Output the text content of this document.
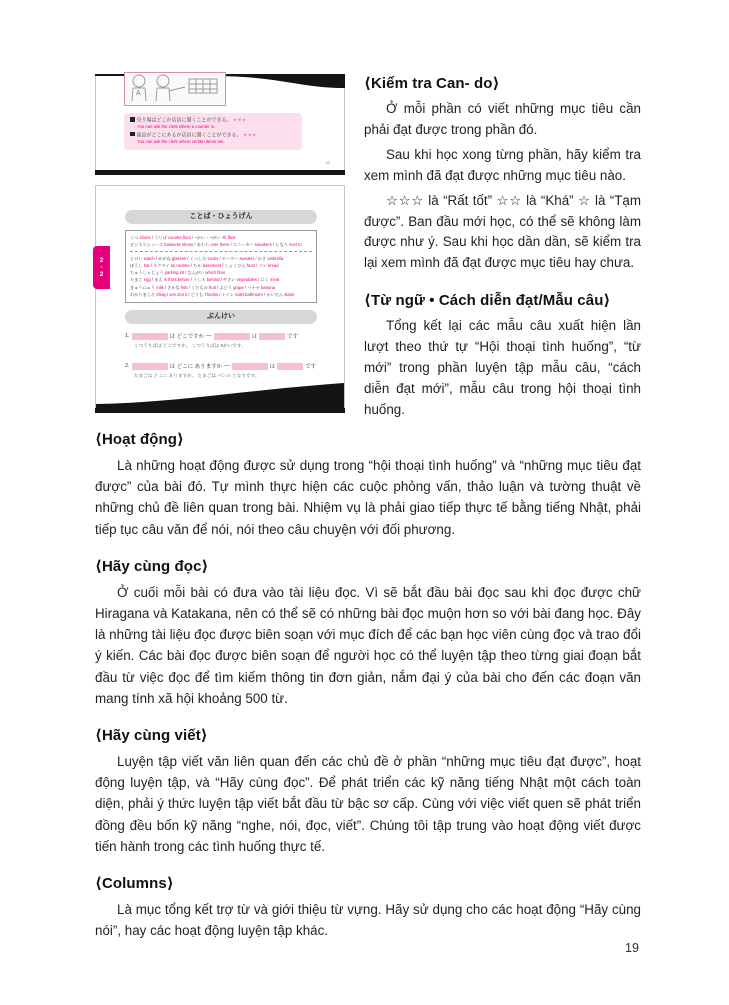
A
売り場はどこか店員に聞くことができる。 ★★★
You can ask the clerk where a counter is.
商品がどこにあるか店員に聞くことができる。 ★★★
You can ask the clerk where certain items are.
43
ことば・ひょうげん
くつ shoes / うりば counter,floor / ~かい・~がい -th floor
ビジネスシューズ business shoes / あちら over there / スニーカー sneakers / となり next to
とけい watch / めがね glasses / くつした socks / セーター sweater / かさ umbrella
ぼうし hat / ネクタイ tie,necktie / ちか basement / しょくひん food / パン bread
ちゅうしゃじょう parking lot / なんがい which floor
たまご egg / まえ in front,before / うしろ behind / やさい vegetables / にく meat
ぎゅうにゅう milk / さかな fish / くだもの fruit / ぶどう grape / バナナ banana
わかりました Okay,I see,Got it / どうも Thanks / トイレ toilet,bathroom / かいだん stairs
2
-
2
ぶんけい
1.	は どこですか —	は	です
くつうりばは どこですか。 くつうりばは 6かいです。
2.	は どこに ありますか —	は	です
たまごは どこに ありますか。 たまごは パンの となりです。
⟨Kiểm tra Can- do⟩

Ở mỗi phần có viết những mục tiêu cần phải đạt được trong phần đó.

Sau khi học xong từng phần, hãy kiểm tra xem mình đã đạt được những mục tiêu nào.

☆☆☆ là “Rất tốt” ☆☆ là “Khá” ☆ là “Tạm được”. Ban đầu mới học, có thể sẽ không làm được như ý. Sau khi học dần dần, sẽ kiểm tra lại xem mình đã đạt được mục tiêu hay chưa.

⟨Từ ngữ • Cách diễn đạt/Mẫu câu⟩

Tổng kết lại các mẫu câu xuất hiện lần lượt theo thứ tự “Hội thoại tình huống”, “từ mới” trong phần luyện tập mẫu câu, “cách diễn đạt mới”, mẫu câu trong hội thoại tình huống.

⟨Hoạt động⟩

Là những hoạt động được sử dụng trong “hội thoại tình huống” và “những mục tiêu đạt được” của bài đó. Tự mình thực hiện các cuộc phỏng vấn, thảo luận và tường thuật về những chủ đề liên quan trong bài. Nhiệm vụ là phải giao tiếp thực tế bằng tiếng Nhật, phải tiếp tục câu văn để nói, nói theo câu chuyện với đối phương.

⟨Hãy cùng đọc⟩

Ở cuối mỗi bài có đưa vào tài liệu đọc. Vì sẽ bắt đầu bài đọc sau khi đọc được chữ Hiragana và Katakana, nên có thể sẽ có những bài đọc muộn hơn so với bài đang học. Đây là những tài liệu đọc được biên soạn với mục đích để các bạn học viên cùng đọc và trao đổi ý kiến. Các bài đọc được biên soạn để người học có thể luyện tập theo từng giai đoạn bắt đầu từ việc đọc để tìm kiếm thông tin đơn giản, nắm đại ý của bài cho đến các đoạn văn mang tính xã hội khoảng 500 từ.

⟨Hãy cùng viết⟩

Luyện tập viết văn liên quan đến các chủ đề ở phần “những mục tiêu đạt được”, hoạt động luyện tập, và “Hãy cùng đọc”. Để phát triển các kỹ năng tiếng Nhật một cách toàn diện, phải ý thức luyện tập viết bắt đầu từ bậc sơ cấp. Cùng với việc viết quen sẽ phát triển đồng đều bốn kỹ năng “nghe, nói, đọc, viết”. Chúng tôi tập trung vào hoạt động viết được tiến hành trong các tình huống thực tế.

⟨Columns⟩

Là mục tổng kết trợ từ và giới thiệu từ vựng. Hãy sử dụng cho các hoạt động “Hãy cùng nói”, hay các hoạt động luyện tập khác.

19
